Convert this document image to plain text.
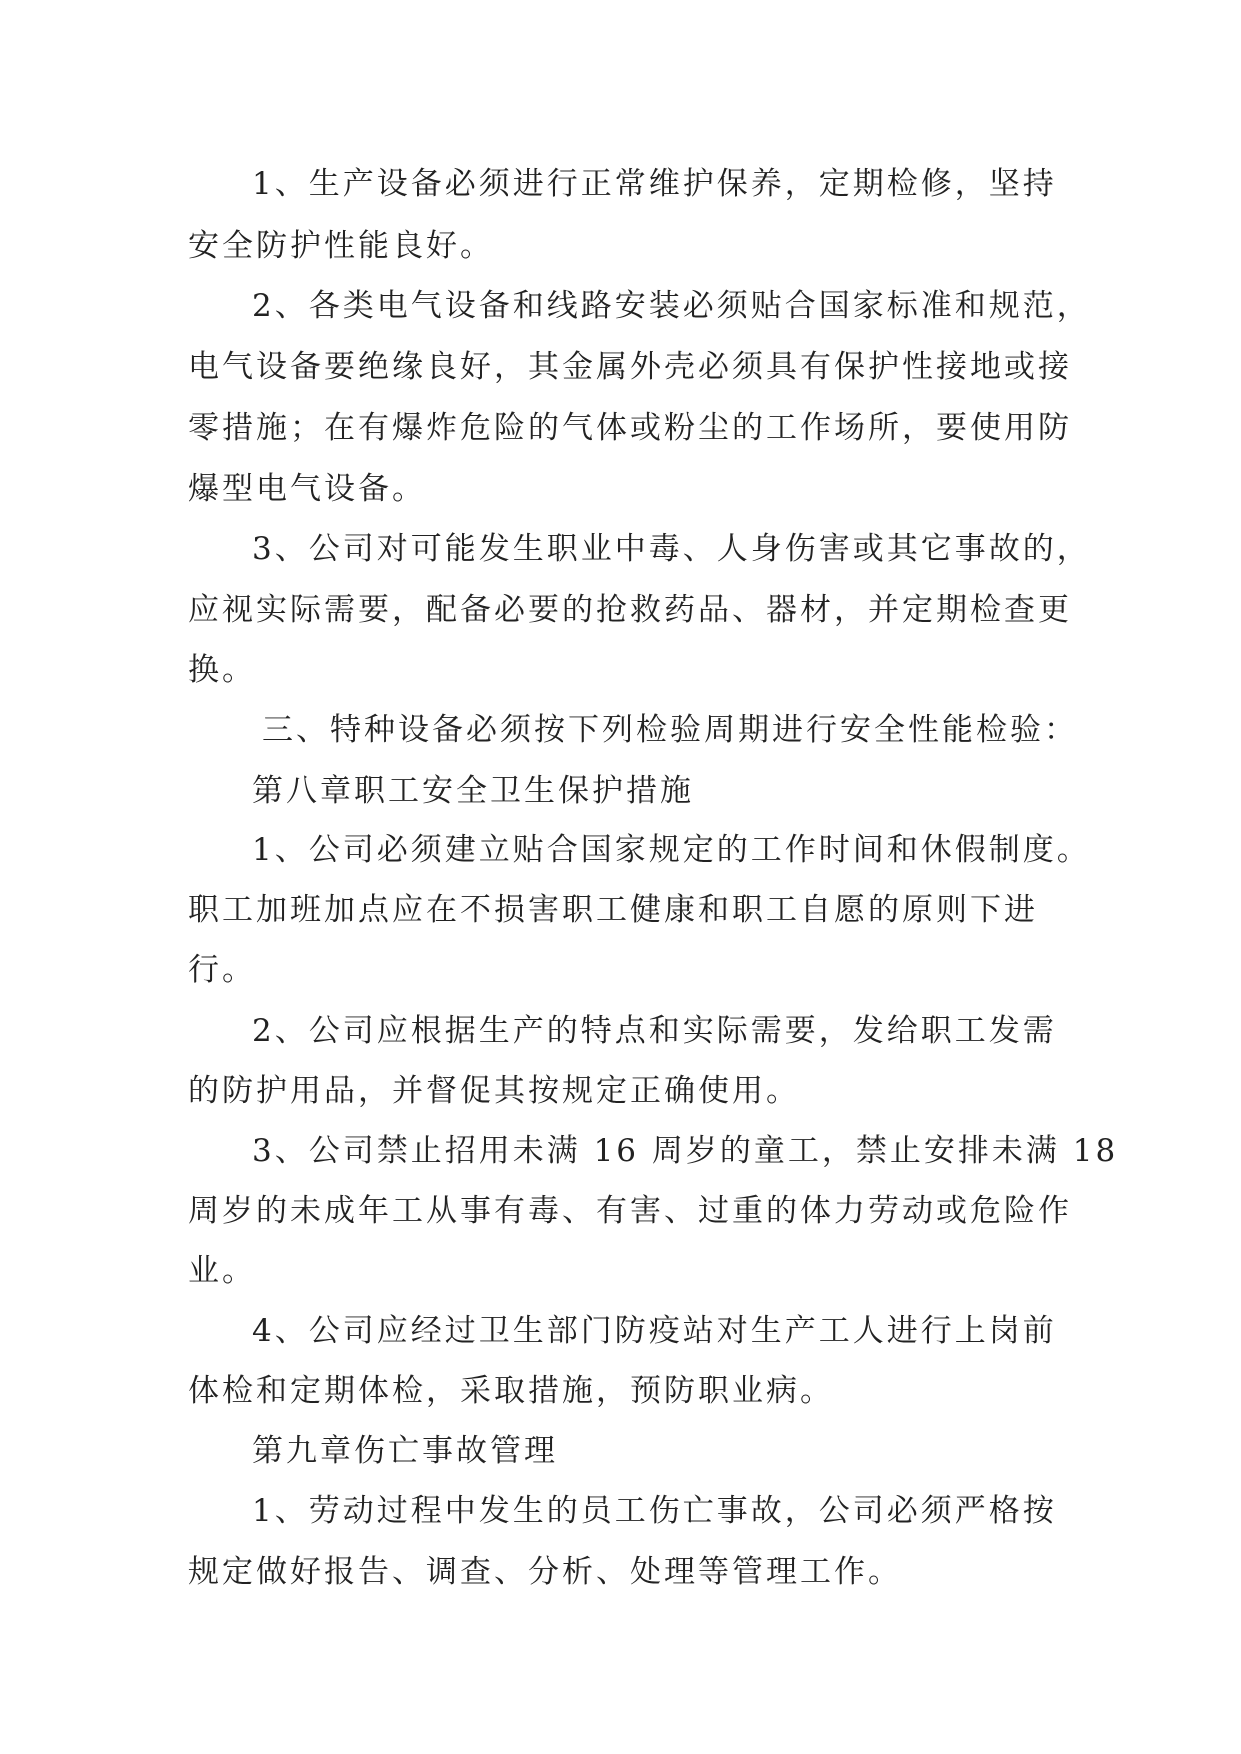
1、生产设备必须进行正常维护保养，定期检修，坚持
安全防护性能良好。
2、各类电气设备和线路安装必须贴合国家标准和规范，
电气设备要绝缘良好，其金属外壳必须具有保护性接地或接
零措施；在有爆炸危险的气体或粉尘的工作场所，要使用防
爆型电气设备。
3、公司对可能发生职业中毒、人身伤害或其它事故的，
应视实际需要，配备必要的抢救药品、器材，并定期检查更
换。
三、特种设备必须按下列检验周期进行安全性能检验：
第八章职工安全卫生保护措施
1、公司必须建立贴合国家规定的工作时间和休假制度。
职工加班加点应在不损害职工健康和职工自愿的原则下进
行。
2、公司应根据生产的特点和实际需要，发给职工发需
的防护用品，并督促其按规定正确使用。
3、公司禁止招用未满 16 周岁的童工，禁止安排未满 18
周岁的未成年工从事有毒、有害、过重的体力劳动或危险作
业。
4、公司应经过卫生部门防疫站对生产工人进行上岗前
体检和定期体检，采取措施，预防职业病。
第九章伤亡事故管理
1、劳动过程中发生的员工伤亡事故，公司必须严格按
规定做好报告、调查、分析、处理等管理工作。
